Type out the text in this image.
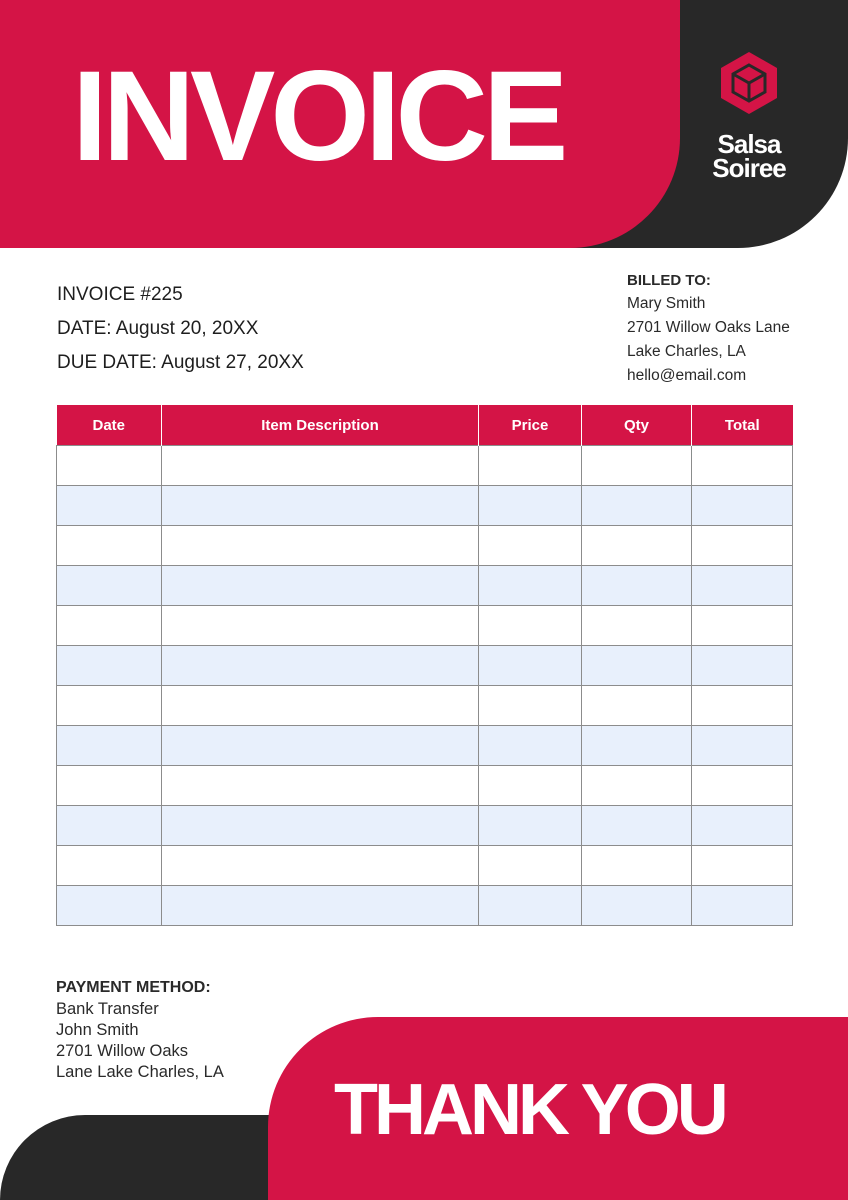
INVOICE	Salsa
Soiree

INVOICE #225

DATE: August 20, 20XX

DUE DATE: August 27, 20XX

BILLED TO:

Mary Smith

2701 Willow Oaks Lane

Lake Charles, LA

hello@email.com

Date	Item Description	Price	Qty	Total

PAYMENT METHOD:

Bank Transfer

John Smith

2701 Willow Oaks

Lane Lake Charles, LA THANK YOU
